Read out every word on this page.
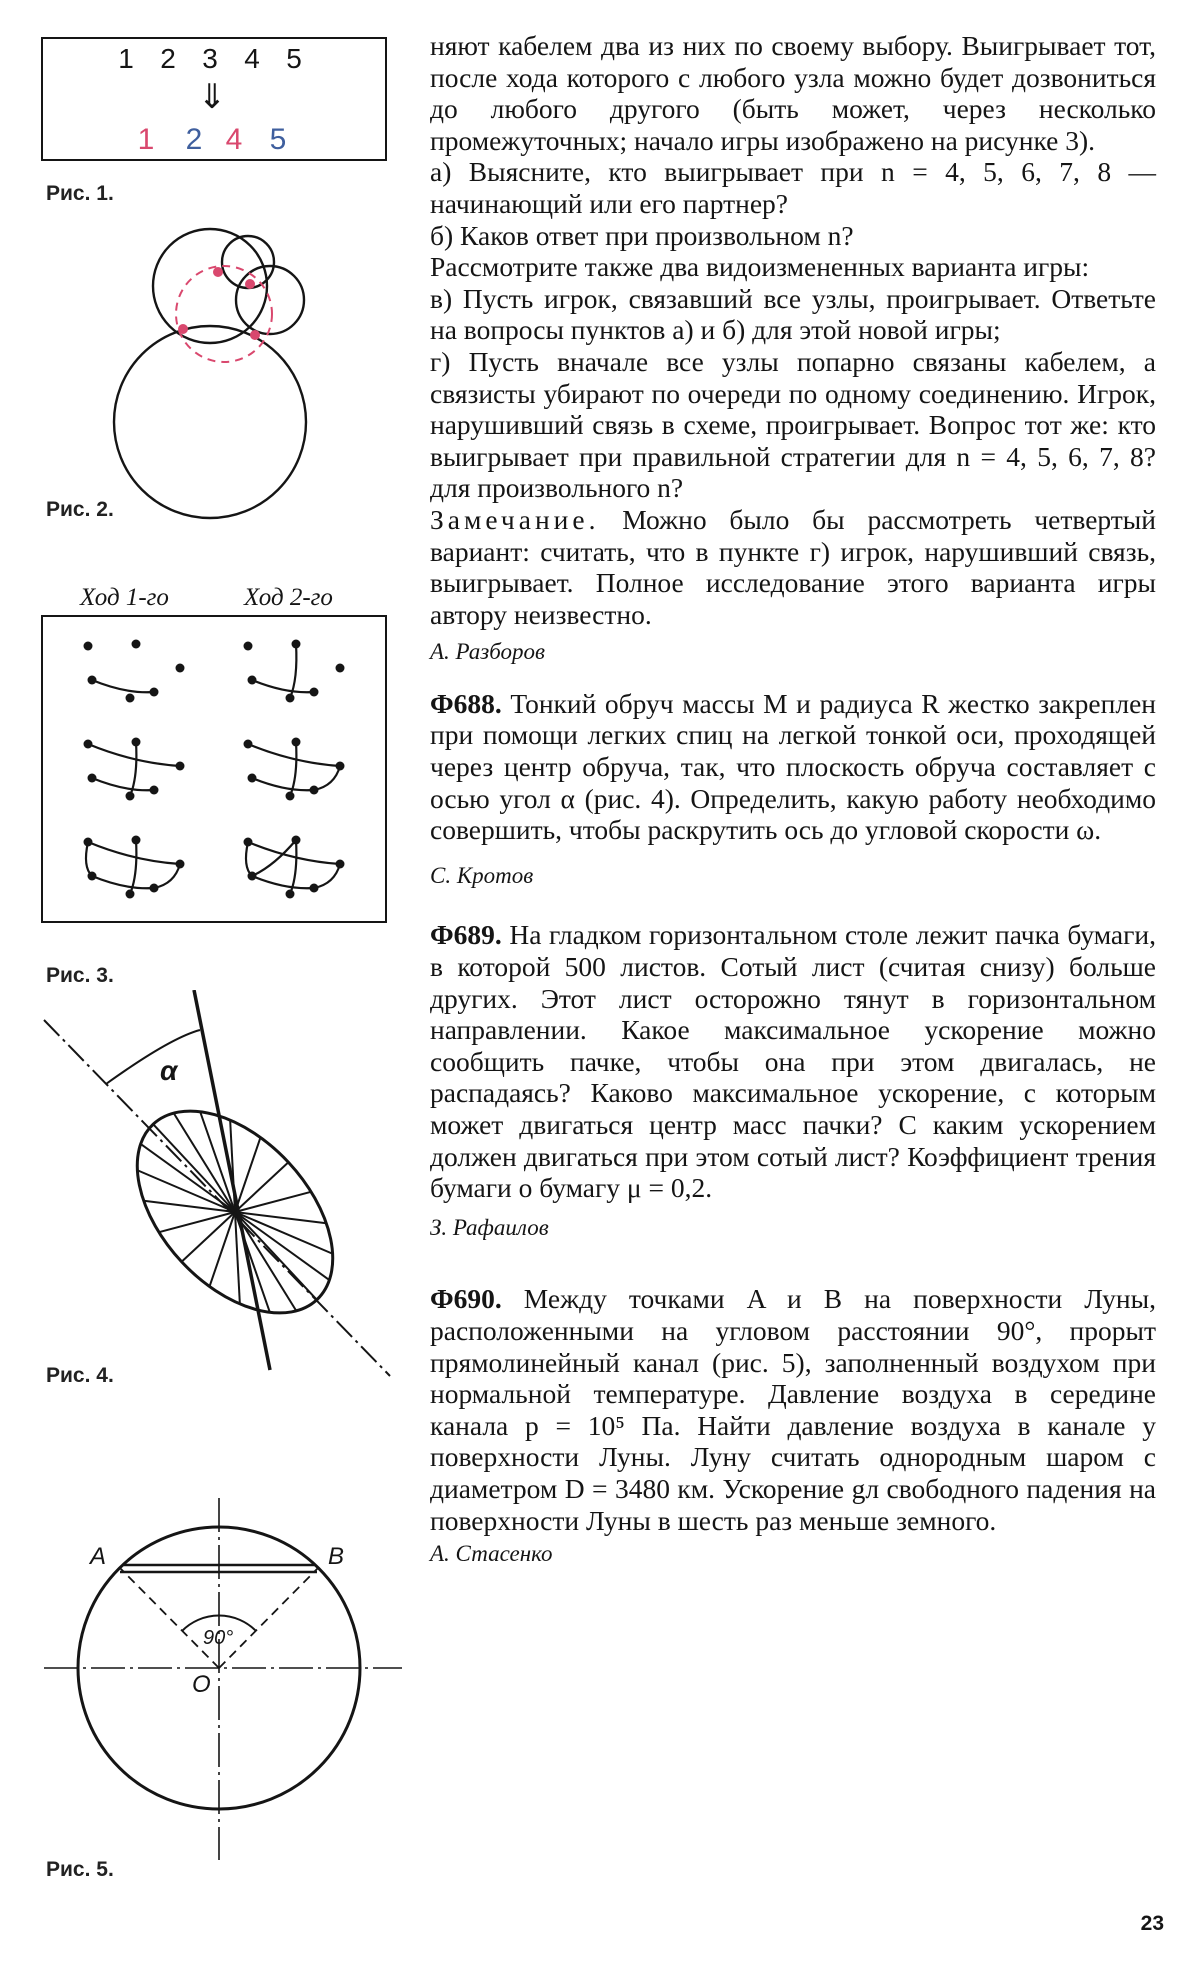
1 2 3 4 5
⇓
1 2 4 5
Рис. 1.
Рис. 2.
Ход 1-го	Ход 2-го
Рис. 3.
α
Рис. 4.
90°
A	B
O
Рис. 5.

няют кабелем два из них по своему выбору. Выигрывает тот, после хода которого с любого узла можно будет дозвониться до любого другого (быть может, через несколько промежуточных; начало игры изображено на рисунке 3).

а) Выясните, кто выигрывает при n = 4, 5, 6, 7, 8 — начинающий или его партнер?

б) Каков ответ при произвольном n?

Рассмотрите также два видоизмененных варианта игры:

в) Пусть игрок, связавший все узлы, проигрывает. Ответьте на вопросы пунктов а) и б) для этой новой игры;

г) Пусть вначале все узлы попарно связаны кабелем, а связисты убирают по очереди по одному соединению. Игрок, нарушивший связь в схеме, проигрывает. Вопрос тот же: кто выигрывает при правильной стратегии для n = 4, 5, 6, 7, 8? для произвольного n?

Замечание. Можно было бы рассмотреть четвертый вариант: считать, что в пункте г) игрок, нарушивший связь, выигрывает. Полное исследование этого варианта игры автору неизвестно.

А. Разборов

Ф688. Тонкий обруч массы M и радиуса R жестко закреплен при помощи легких спиц на легкой тонкой оси, проходящей через центр обруча, так, что плоскость обруча составляет с осью угол α (рис. 4). Определить, какую работу необходимо совершить, чтобы раскрутить ось до угловой скорости ω.

С. Кротов

Ф689. На гладком горизонтальном столе лежит пачка бумаги, в которой 500 листов. Сотый лист (считая снизу) больше других. Этот лист осторожно тянут в горизонтальном направлении. Какое максимальное ускорение можно сообщить пачке, чтобы она при этом двигалась, не распадаясь? Каково максимальное ускорение, с которым может двигаться центр масс пачки? С каким ускорением должен двигаться при этом сотый лист? Коэффициент трения бумаги о бумагу μ = 0,2.

З. Рафаилов

Ф690. Между точками A и B на поверхности Луны, расположенными на угловом расстоянии 90°, прорыт прямолинейный канал (рис. 5), заполненный воздухом при нормальной температуре. Давление воздуха в середине канала p = 10⁵ Па. Найти давление воздуха в канале у поверхности Луны. Луну считать однородным шаром с диаметром D = 3480 км. Ускорение gл свободного падения на поверхности Луны в шесть раз меньше земного.

А. Стасенко

23
